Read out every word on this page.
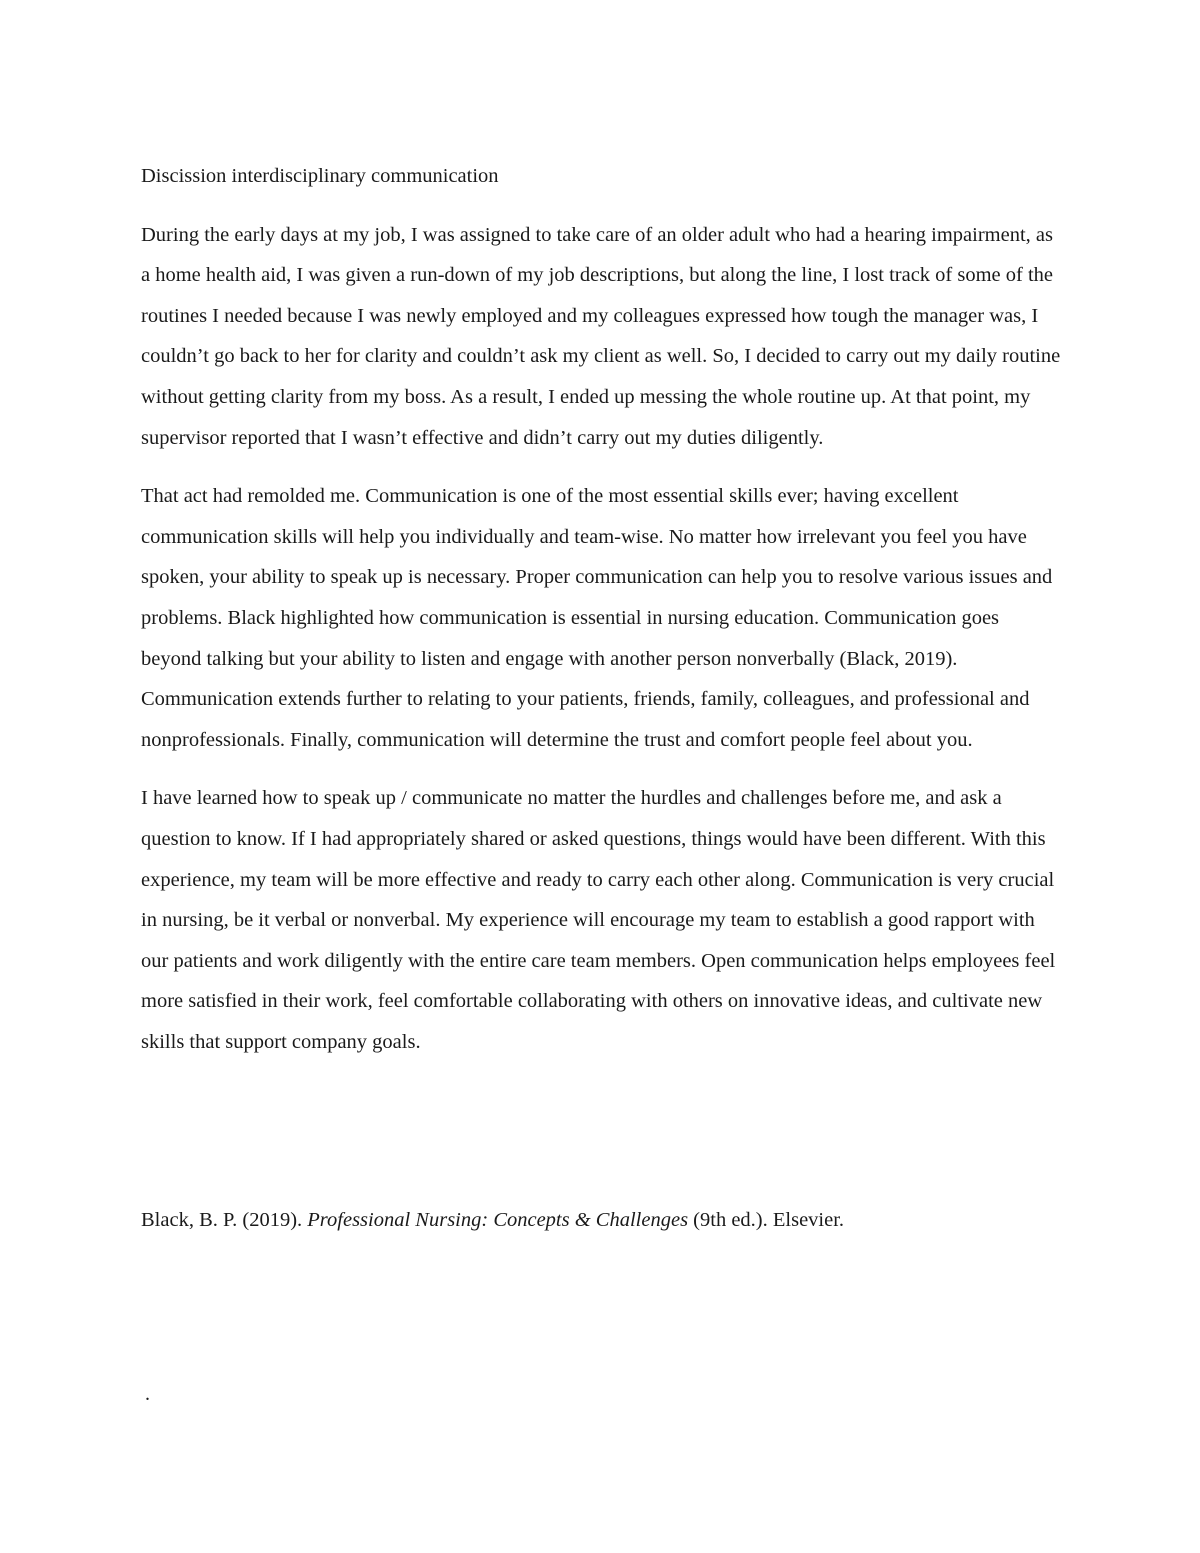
Discission interdisciplinary communication

During the early days at my job, I was assigned to take care of an older adult who had a hearing impairment, as a home health aid, I was given a run-down of my job descriptions, but along the line, I lost track of some of the routines I needed because I was newly employed and my colleagues expressed how tough the manager was, I couldn’t go back to her for clarity and couldn’t ask my client as well. So, I decided to carry out my daily routine without getting clarity from my boss. As a result, I ended up messing the whole routine up. At that point, my supervisor reported that I wasn’t effective and didn’t carry out my duties diligently.

That act had remolded me. Communication is one of the most essential skills ever; having excellent communication skills will help you individually and team-wise. No matter how irrelevant you feel you have spoken, your ability to speak up is necessary. Proper communication can help you to resolve various issues and problems. Black highlighted how communication is essential in nursing education. Communication goes beyond talking but your ability to listen and engage with another person nonverbally (Black, 2019). Communication extends further to relating to your patients, friends, family, colleagues, and professional and nonprofessionals. Finally, communication will determine the trust and comfort people feel about you.

I have learned how to speak up / communicate no matter the hurdles and challenges before me, and ask a question to know. If I had appropriately shared or asked questions, things would have been different. With this experience, my team will be more effective and ready to carry each other along. Communication is very crucial in nursing, be it verbal or nonverbal. My experience will encourage my team to establish a good rapport with our patients and work diligently with the entire care team members. Open communication helps employees feel more satisfied in their work, feel comfortable collaborating with others on innovative ideas, and cultivate new skills that support company goals.

Black, B. P. (2019). Professional Nursing: Concepts & Challenges (9th ed.). Elsevier.

.
